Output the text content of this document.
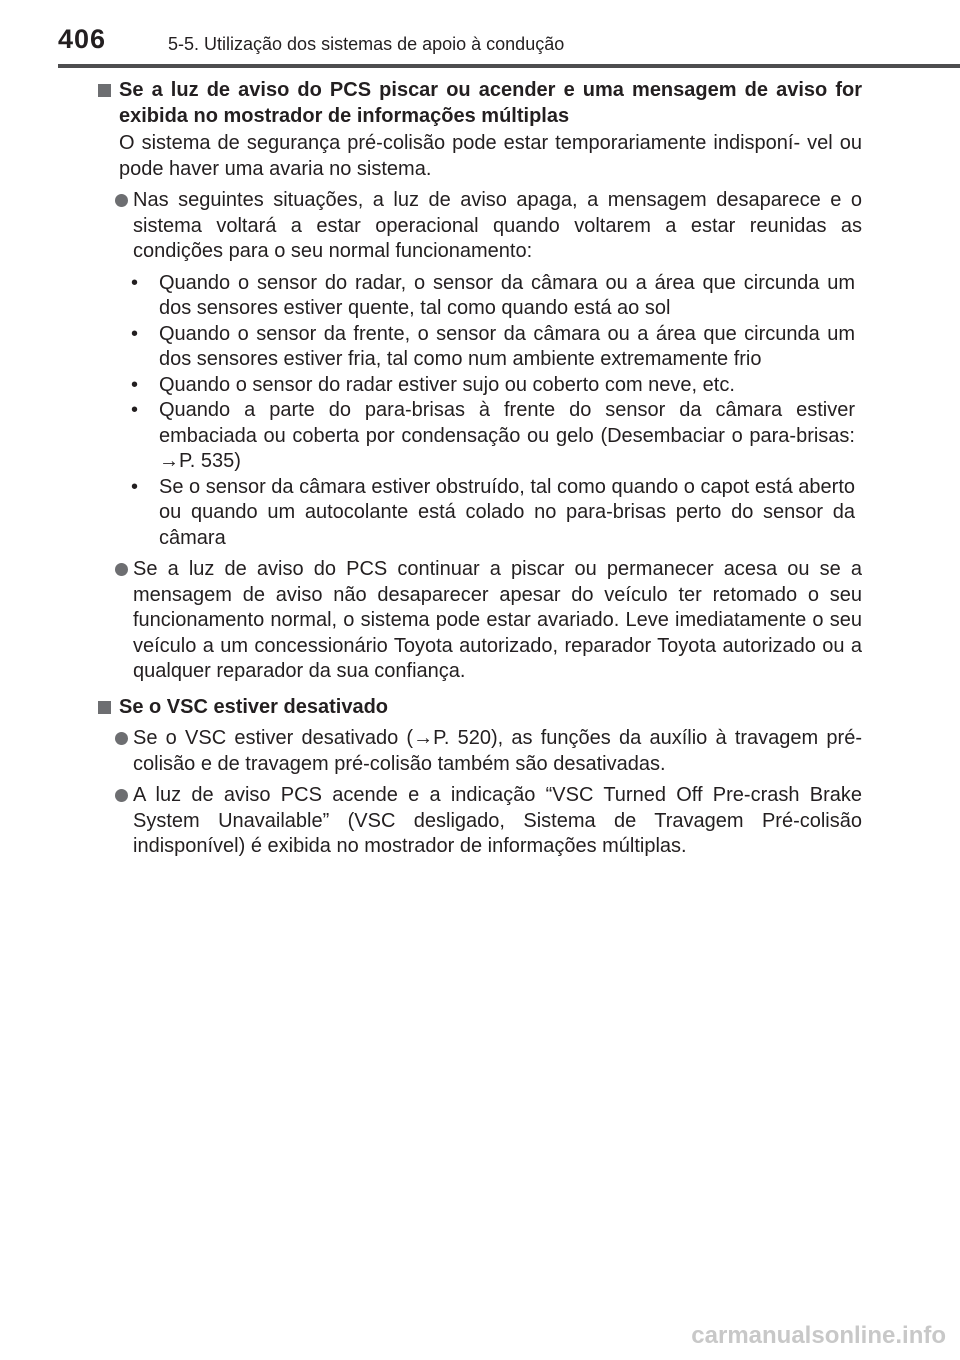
406	5-5. Utilização dos sistemas de apoio à condução
Se a luz de aviso do PCS piscar ou acender e uma mensagem de aviso for exibida no mostrador de informações múltiplas
O sistema de segurança pré-colisão pode estar temporariamente indisponí- vel ou pode haver uma avaria no sistema.
Nas seguintes situações, a luz de aviso apaga, a mensagem desaparece e o sistema voltará a estar operacional quando voltarem a estar reunidas as condições para o seu normal funcionamento:
•	Quando o sensor do radar, o sensor da câmara ou a área que circunda um dos sensores estiver quente, tal como quando está ao sol
•	Quando o sensor da frente, o sensor da câmara ou a área que circunda um dos sensores estiver fria, tal como num ambiente extremamente frio
•	Quando o sensor do radar estiver sujo ou coberto com neve, etc.
•	Quando a parte do para-brisas à frente do sensor da câmara estiver embaciada ou coberta por condensação ou gelo (Desembaciar o para-brisas: →P. 535)
•	Se o sensor da câmara estiver obstruído, tal como quando o capot está aberto ou quando um autocolante está colado no para-brisas perto do sensor da câmara
Se a luz de aviso do PCS continuar a piscar ou permanecer acesa ou se a mensagem de aviso não desaparecer apesar do veículo ter retomado o seu funcionamento normal, o sistema pode estar avariado. Leve imediatamente o seu veículo a um concessionário Toyota autorizado, reparador Toyota autorizado ou a qualquer reparador da sua confiança.
Se o VSC estiver desativado
Se o VSC estiver desativado (→P. 520), as funções da auxílio à travagem pré-colisão e de travagem pré-colisão também são desativadas.
A luz de aviso PCS acende e a indicação “VSC Turned Off Pre-crash Brake System Unavailable” (VSC desligado, Sistema de Travagem Pré-colisão indisponível) é exibida no mostrador de informações múltiplas.
carmanualsonline.info
